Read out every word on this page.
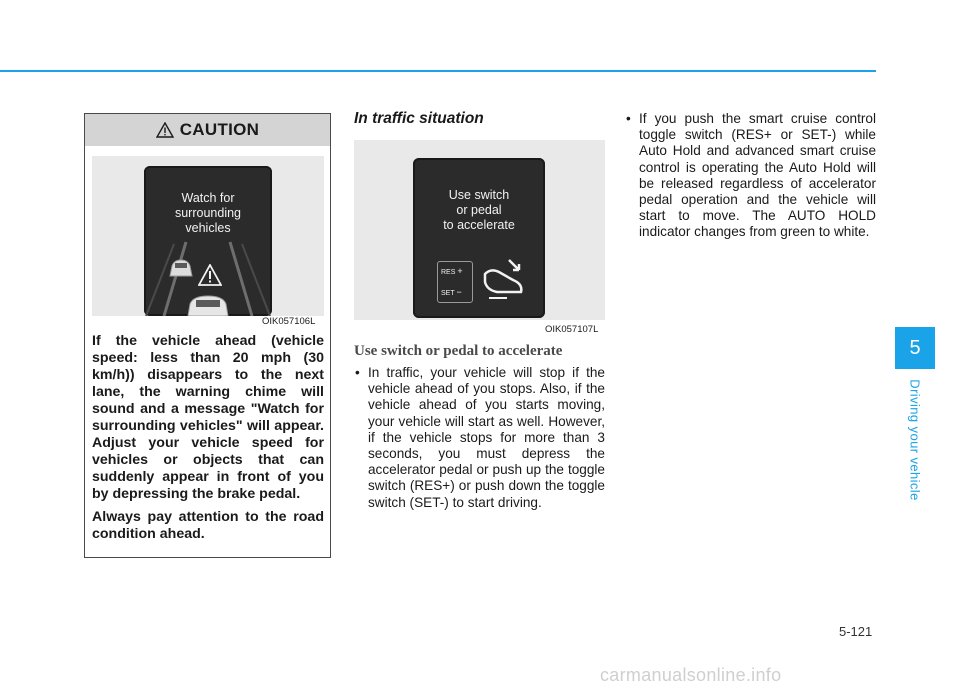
CAUTION
Watch for
surrounding
vehicles
OIK057106L

If the vehicle ahead (vehicle speed: less than 20 mph (30 km/h)) disappears to the next lane, the warning chime will sound and a message "Watch for surrounding vehicles" will appear. Adjust your vehicle speed for vehicles or objects that can suddenly appear in front of you by depressing the brake pedal.

Always pay attention to the road condition ahead.

In traffic situation
Use switch
or pedal
to accelerate
RES +
SET −
OIK057107L
Use switch or pedal to accelerate
• In traffic, your vehicle will stop if the vehicle ahead of you stops. Also, if the vehicle ahead of you starts moving, your vehicle will start as well. However, if the vehicle stops for more than 3 seconds, you must depress the accelerator pedal or push up the toggle switch (RES+) or push down the toggle switch (SET-) to start driving.
• If you push the smart cruise control toggle switch (RES+ or SET-) while Auto Hold and advanced smart cruise control is operating the Auto Hold will be released regardless of accelerator pedal operation and the vehicle will start to move. The AUTO HOLD indicator changes from green to white.
5
Driving your vehicle
5-121
carmanualsonline.info
